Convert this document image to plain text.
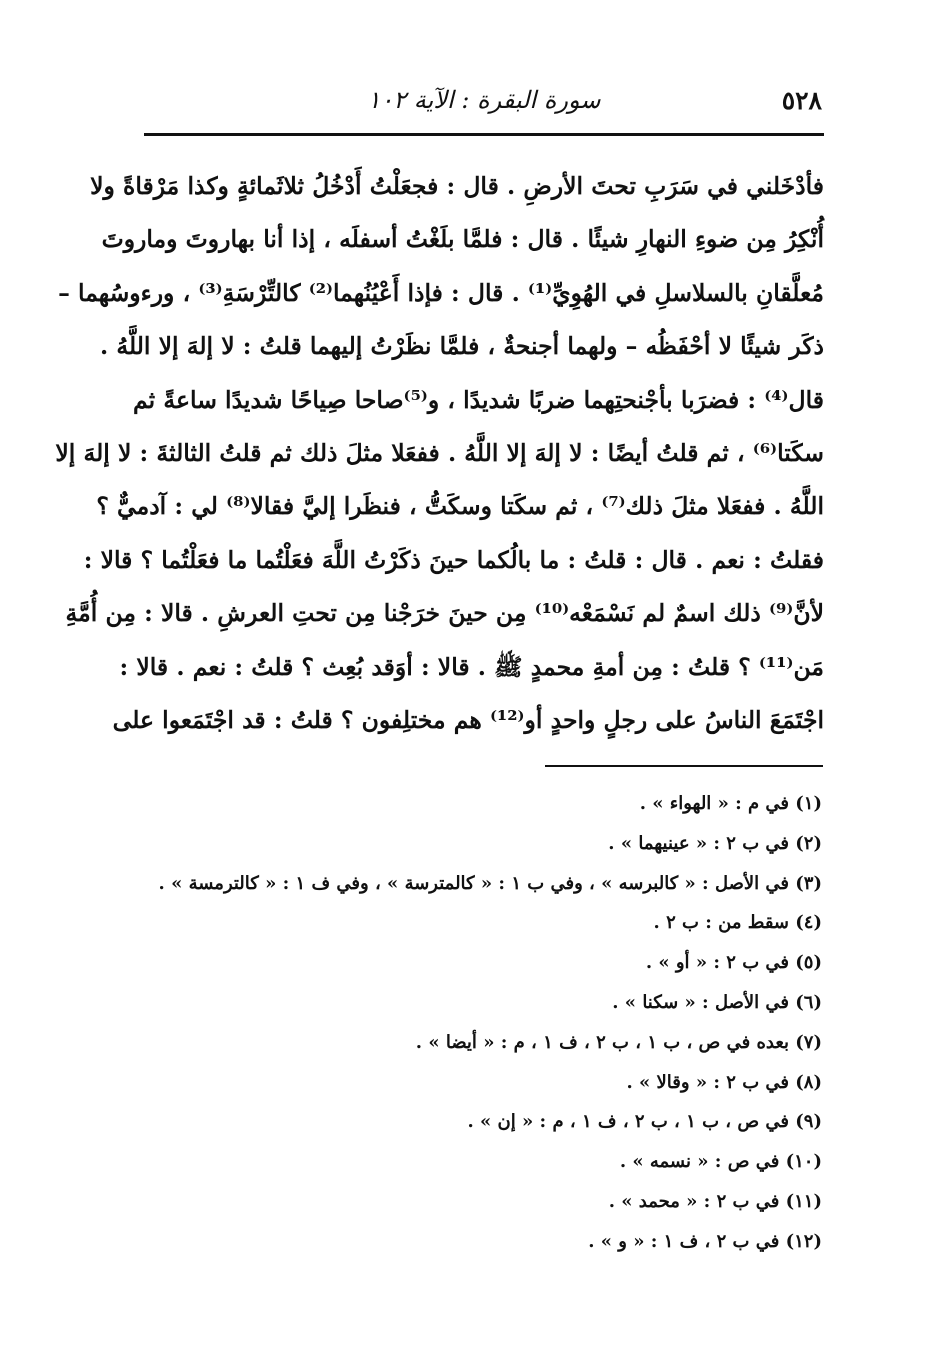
٥٢٨
سورة البقرة : الآية ١٠٢
فأدْخَلني في سَرَبِ تحتَ الأرضِ . قال : فجعَلْتُ أَدْخُلُ ثلاثَمائةٍ وكذا مَرْقاةً ولا
أُنْكِرُ مِن ضوءِ النهارِ شيئًا . قال : فلمَّا بلَغْتُ أسفلَه ، إذا أنا بهاروتَ وماروتَ
مُعلَّقانِ بالسلاسلِ في الهُوِيِّ⁽¹⁾ . قال : فإذا أَعْيُنُهما⁽²⁾ كالتِّرْسَةِ⁽³⁾ ، ورءوسُهما –
ذكَر شيئًا لا أحْفَظُه – ولهما أجنحةٌ ، فلمَّا نظَرْتُ إليهما قلتُ : لا إلهَ إلا اللَّهُ .
قال⁽⁴⁾ : فضرَبا بأجْنحتِهما ضربًا شديدًا ، و⁽⁵⁾صاحا صِياحًا شديدًا ساعةً ثم
سكَتا⁽⁶⁾ ، ثم قلتُ أيضًا : لا إلهَ إلا اللَّهُ . ففعَلا مثلَ ذلك ثم قلتُ الثالثةَ : لا إلهَ إلا
اللَّهُ . ففعَلا مثلَ ذلك⁽⁷⁾ ، ثم سكَتا وسكَتُّ ، فنظَرا إليَّ فقالا⁽⁸⁾ لي : آدميٌّ ؟
فقلتُ : نعم . قال : قلتُ : ما بالُكما حينَ ذكَرْتُ اللَّهَ فعَلْتُما ما فعَلْتُما ؟ قالا :
لأنَّ⁽⁹⁾ ذلك اسمٌ لم نَسْمَعْه⁽¹⁰⁾ مِن حينَ خرَجْنا مِن تحتِ العرشِ . قالا : مِن أُمَّةِ
مَن⁽¹¹⁾ ؟ قلتُ : مِن أمةِ محمدٍ ﷺ . قالا : أوَقد بُعِث ؟ قلتُ : نعم . قالا :
اجْتَمَعَ الناسُ على رجلٍ واحدٍ أو⁽¹²⁾ هم مختلِفون ؟ قلتُ : قد اجْتَمَعوا على
(١) في م : « الهواء » .
(٢) في ب ٢ : « عينيهما » .
(٣) في الأصل : « كالبرسه » ، وفي ب ١ : « كالمترسة » ، وفي ف ١ : « كالترمسة » .
(٤) سقط من : ب ٢ .
(٥) في ب ٢ : « أو » .
(٦) في الأصل : « سكنا » .
(٧) بعده في ص ، ب ١ ، ب ٢ ، ف ١ ، م : « أيضا » .
(٨) في ب ٢ : « وقالا » .
(٩) في ص ، ب ١ ، ب ٢ ، ف ١ ، م : « إن » .
(١٠) في ص : « نسمه » .
(١١) في ب ٢ : « محمد » .
(١٢) في ب ٢ ، ف ١ : « و » .
